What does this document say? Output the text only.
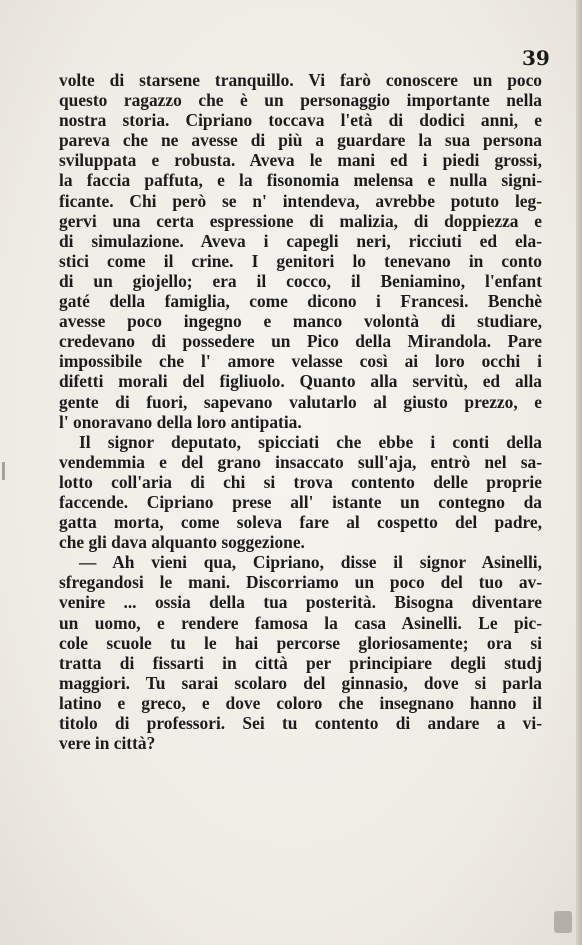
39
volte di starsene tranquillo. Vi farò conoscere un poco
questo ragazzo che è un personaggio importante nella
nostra storia. Cipriano toccava l'età di dodici anni, e
pareva che ne avesse di più a guardare la sua persona
sviluppata e robusta. Aveva le mani ed i piedi grossi,
la faccia paffuta, e la fisonomia melensa e nulla signi-
ficante. Chi però se n' intendeva, avrebbe potuto leg-
gervi una certa espressione di malizia, di doppiezza e
di simulazione. Aveva i capegli neri, ricciuti ed ela-
stici come il crine. I genitori lo tenevano in conto
di un giojello; era il cocco, il Beniamino, l'enfant
gaté della famiglia, come dicono i Francesi. Benchè
avesse poco ingegno e manco volontà di studiare,
credevano di possedere un Pico della Mirandola. Pare
impossibile che l' amore velasse così ai loro occhi i
difetti morali del figliuolo. Quanto alla servitù, ed alla
gente di fuori, sapevano valutarlo al giusto prezzo, e
l' onoravano della loro antipatia.
Il signor deputato, spicciati che ebbe i conti della
vendemmia e del grano insaccato sull'aja, entrò nel sa-
lotto coll'aria di chi si trova contento delle proprie
faccende. Cipriano prese all' istante un contegno da
gatta morta, come soleva fare al cospetto del padre,
che gli dava alquanto soggezione.
— Ah vieni qua, Cipriano, disse il signor Asinelli,
sfregandosi le mani. Discorriamo un poco del tuo av-
venire ... ossia della tua posterità. Bisogna diventare
un uomo, e rendere famosa la casa Asinelli. Le pic-
cole scuole tu le hai percorse gloriosamente; ora si
tratta di fissarti in città per principiare degli studj
maggiori. Tu sarai scolaro del ginnasio, dove si parla
latino e greco, e dove coloro che insegnano hanno il
titolo di professori. Sei tu contento di andare a vi-
vere in città?
